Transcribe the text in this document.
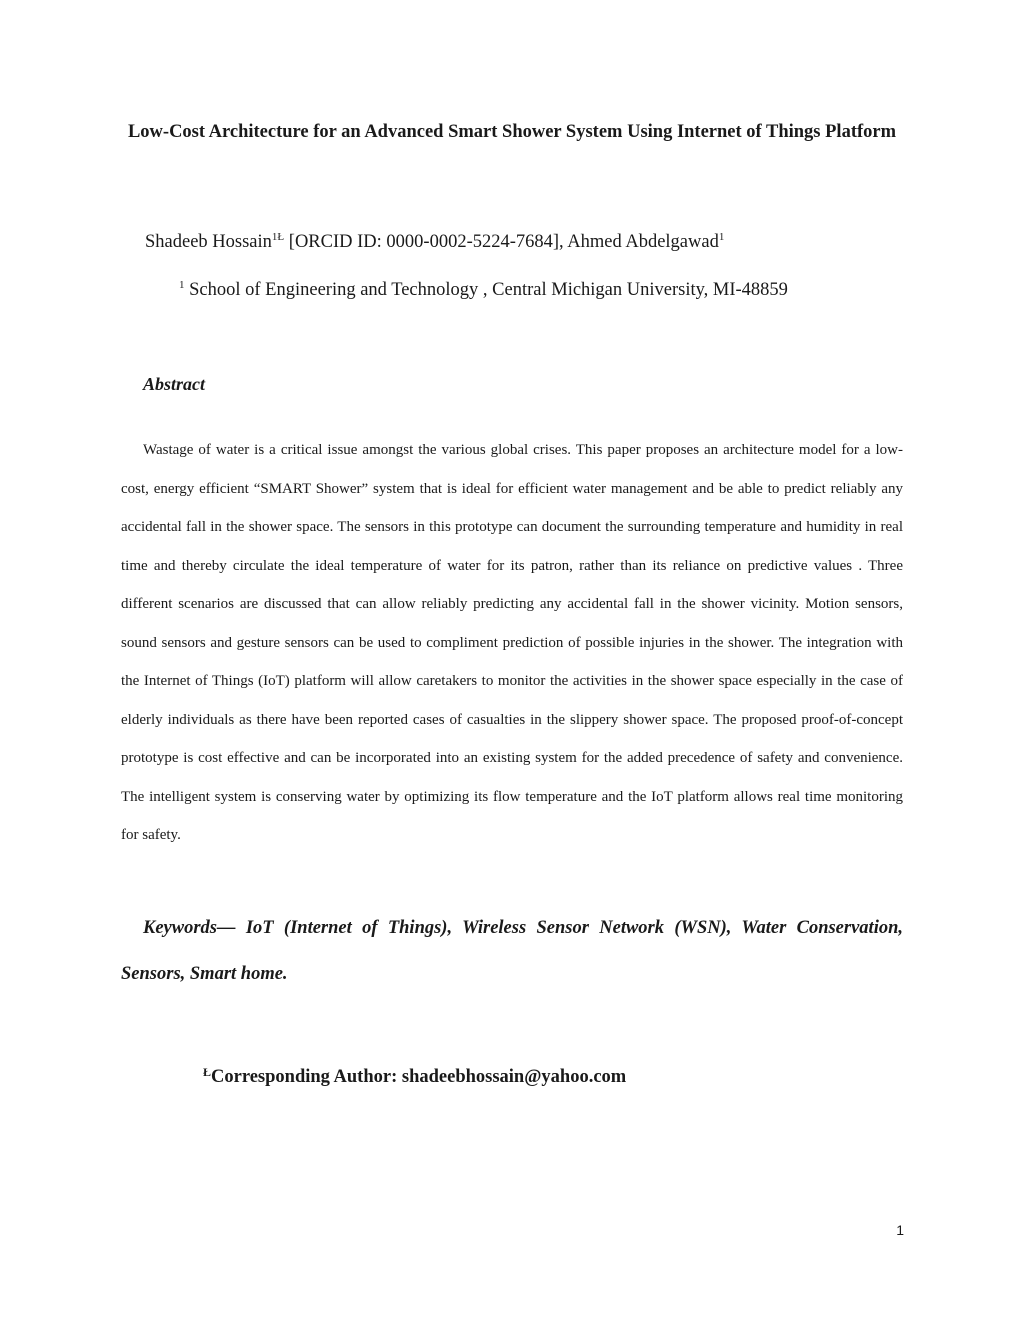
Low-Cost Architecture for an Advanced Smart Shower System Using Internet of Things Platform
Shadeeb Hossain$^{1Ł}$ [ORCID ID: 0000-0002-5224-7684], Ahmed Abdelgawad$^1$
$^1$ School of Engineering and Technology , Central Michigan University, MI-48859
Abstract

Wastage of water is a critical issue amongst the various global crises. This paper proposes an architecture model for a low-cost, energy efficient “SMART Shower” system that is ideal for efficient water management and be able to predict reliably any accidental fall in the shower space. The sensors in this prototype can document the surrounding temperature and humidity in real time and thereby circulate the ideal temperature of water for its patron, rather than its reliance on predictive values . Three different scenarios are discussed that can allow reliably predicting any accidental fall in the shower vicinity. Motion sensors, sound sensors and gesture sensors can be used to compliment prediction of possible injuries in the shower. The integration with the Internet of Things (IoT) platform will allow caretakers to monitor the activities in the shower space especially in the case of elderly individuals as there have been reported cases of casualties in the slippery shower space. The proposed proof-of-concept prototype is cost effective and can be incorporated into an existing system for the added precedence of safety and convenience. The intelligent system is conserving water by optimizing its flow temperature and the IoT platform allows real time monitoring for safety.

Keywords— IoT (Internet of Things), Wireless Sensor Network (WSN), Water Conservation, Sensors, Smart home.

$^Ł$Corresponding Author: shadeebhossain@yahoo.com
1
